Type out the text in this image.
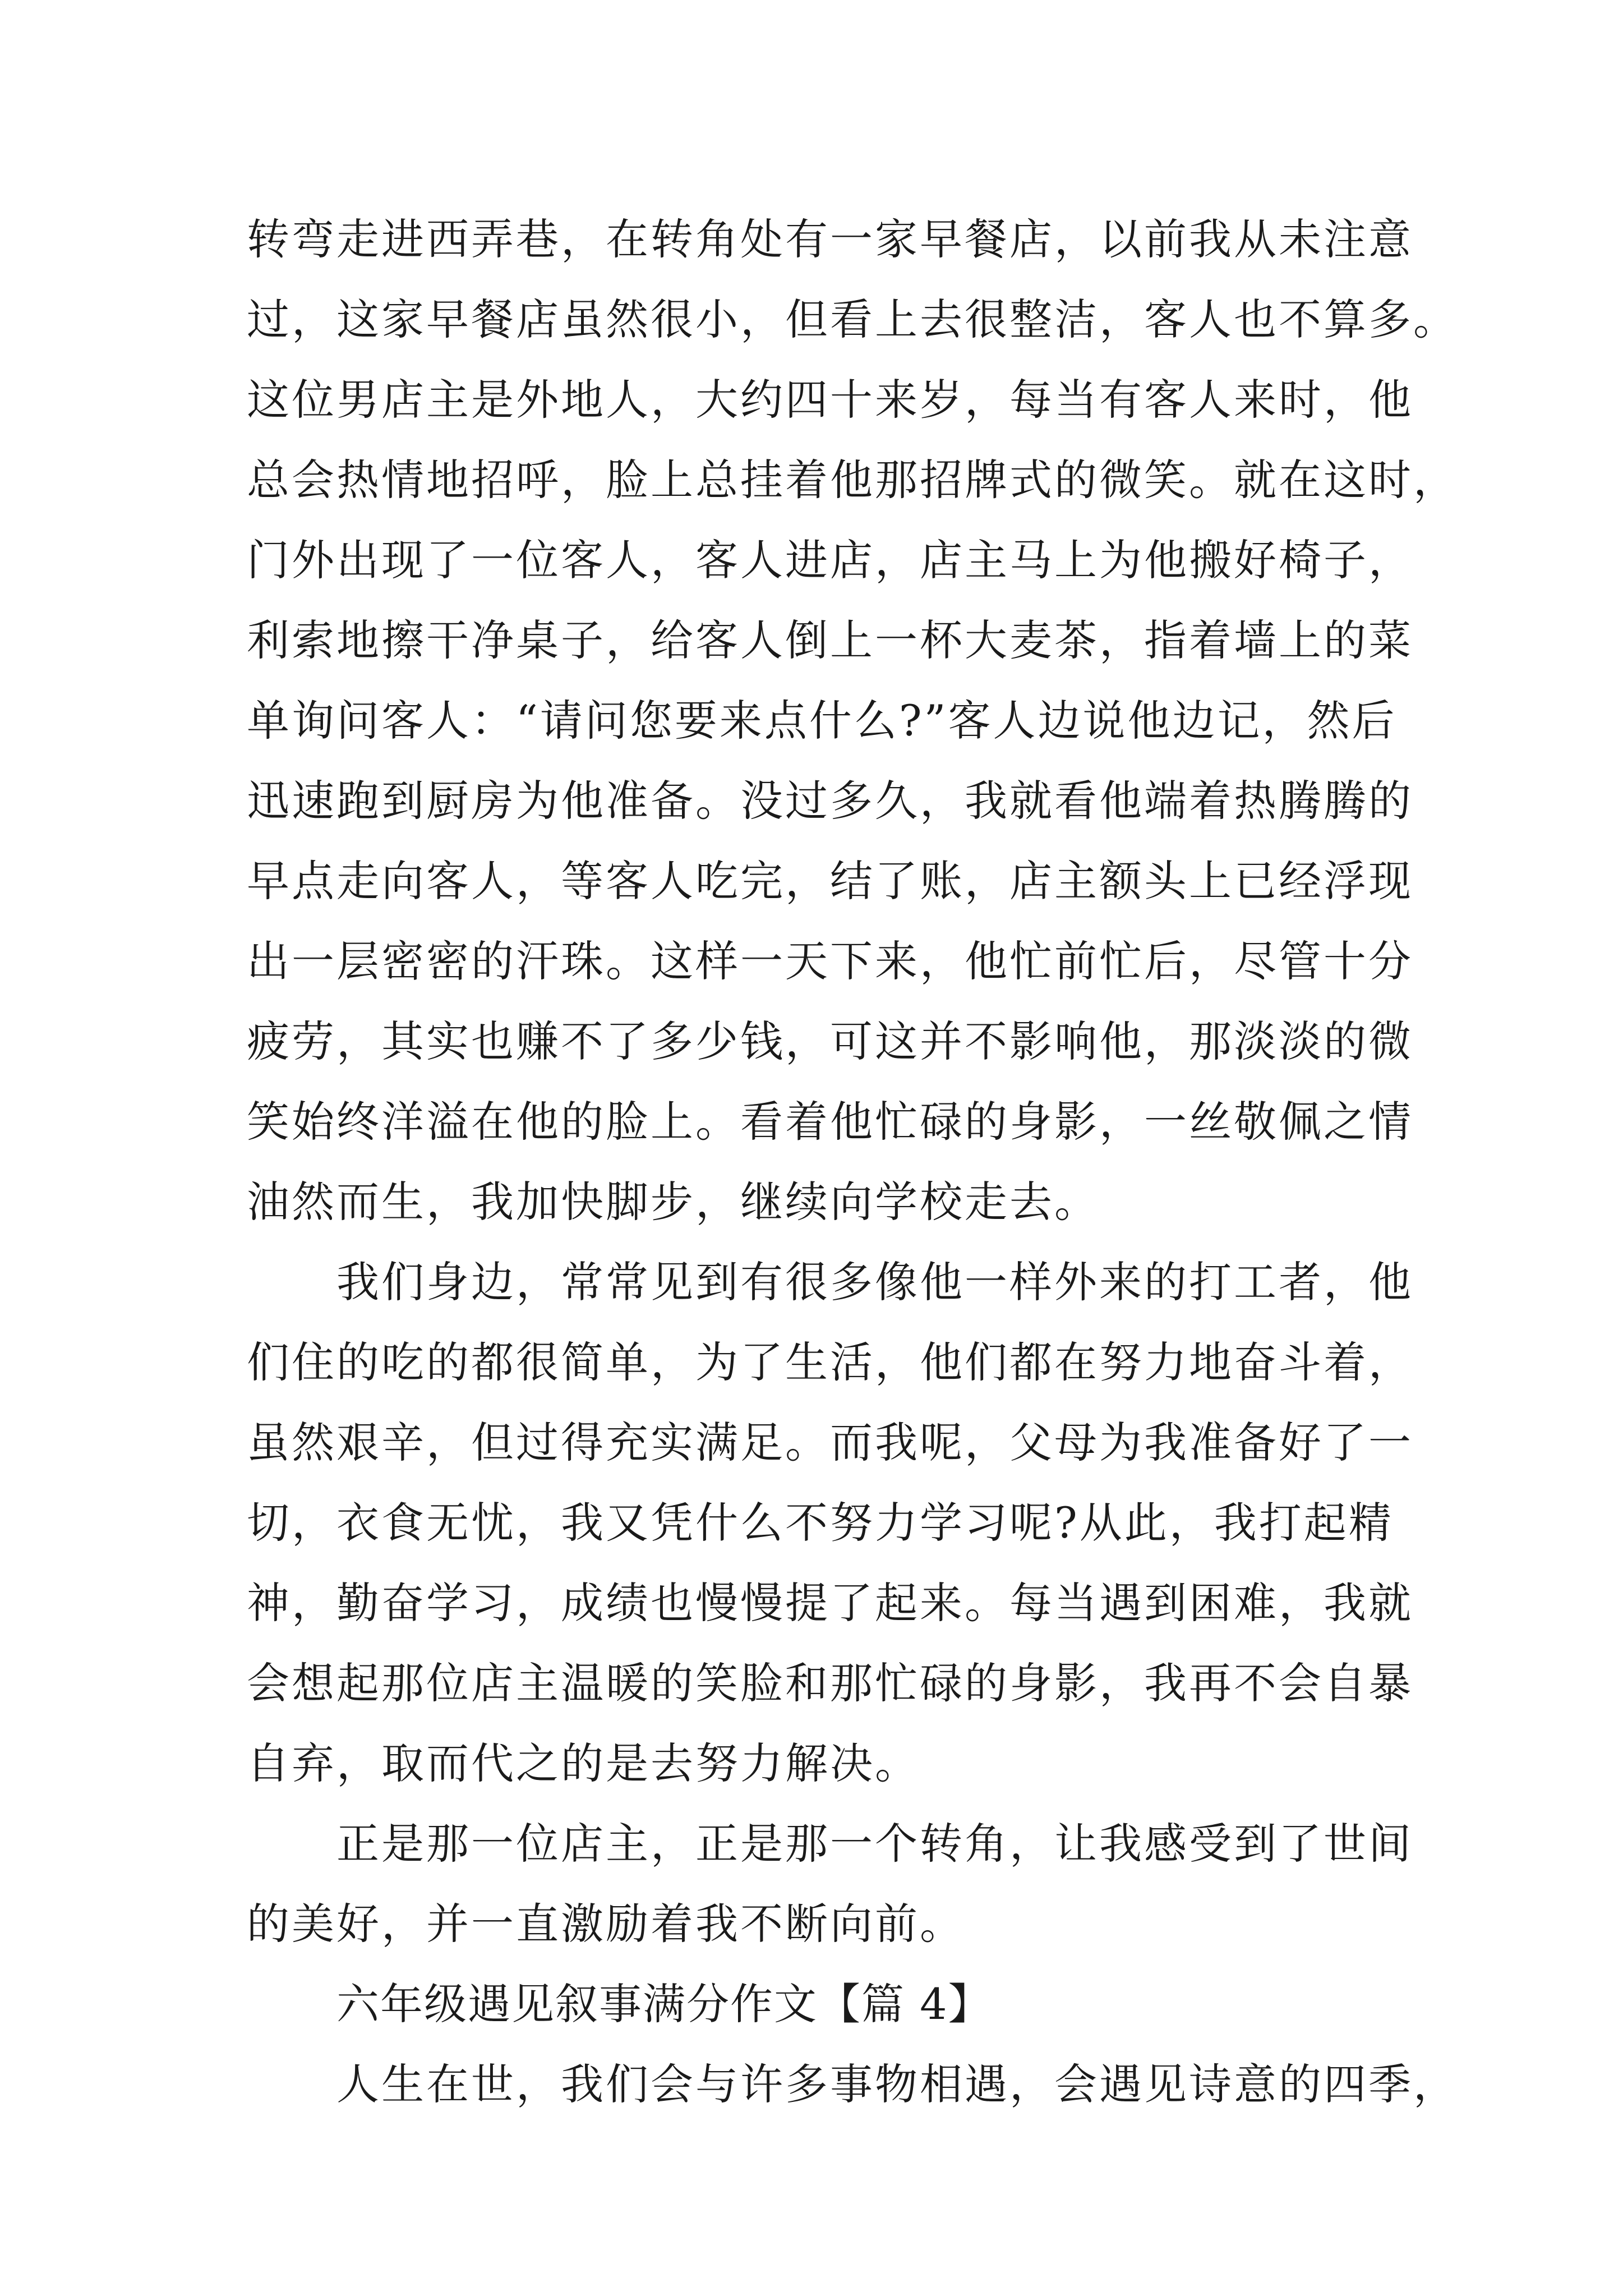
转弯走进西弄巷，在转角处有一家早餐店，以前我从未注意
过，这家早餐店虽然很小，但看上去很整洁，客人也不算多。
这位男店主是外地人，大约四十来岁，每当有客人来时，他
总会热情地招呼，脸上总挂着他那招牌式的微笑。就在这时，
门外出现了一位客人，客人进店，店主马上为他搬好椅子，
利索地擦干净桌子，给客人倒上一杯大麦茶，指着墙上的菜
单询问客人：“请问您要来点什么?”客人边说他边记，然后
迅速跑到厨房为他准备。没过多久，我就看他端着热腾腾的
早点走向客人，等客人吃完，结了账，店主额头上已经浮现
出一层密密的汗珠。这样一天下来，他忙前忙后，尽管十分
疲劳，其实也赚不了多少钱，可这并不影响他，那淡淡的微
笑始终洋溢在他的脸上。看着他忙碌的身影，一丝敬佩之情
油然而生，我加快脚步，继续向学校走去。
我们身边，常常见到有很多像他一样外来的打工者，他
们住的吃的都很简单，为了生活，他们都在努力地奋斗着，
虽然艰辛，但过得充实满足。而我呢，父母为我准备好了一
切，衣食无忧，我又凭什么不努力学习呢?从此，我打起精
神，勤奋学习，成绩也慢慢提了起来。每当遇到困难，我就
会想起那位店主温暖的笑脸和那忙碌的身影，我再不会自暴
自弃，取而代之的是去努力解决。
正是那一位店主，正是那一个转角，让我感受到了世间
的美好，并一直激励着我不断向前。
六年级遇见叙事满分作文【篇 4】
人生在世，我们会与许多事物相遇，会遇见诗意的四季，
